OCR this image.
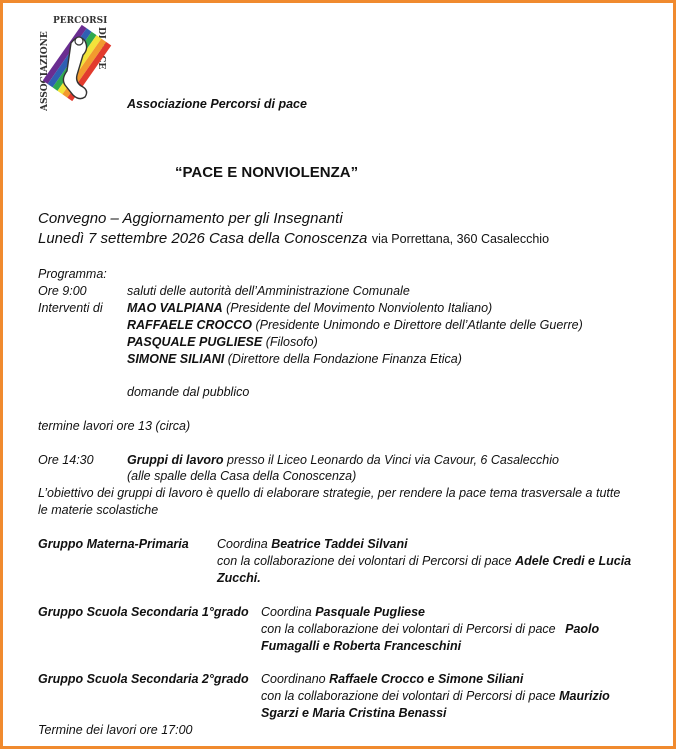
PERCORSI
ASSOCIAZIONE	Associazione Percorsi di pace
“PACE E NONVIOLENZA”
Convegno – Aggiornamento per gli Insegnanti
Lunedì 7 settembre 2026 Casa della Conoscenza via Porrettana, 360 Casalecchio
Programma:
Ore 9:00	saluti delle autorità dell’Amministrazione Comunale
Interventi di MAO VALPIANA (Presidente del Movimento Nonviolento Italiano)
RAFFAELE CROCCO (Presidente Unimondo e Direttore dell’Atlante delle Guerre)
PASQUALE PUGLIESE (Filosofo)
SIMONE SILIANI (Direttore della Fondazione Finanza Etica)
domande dal pubblico
termine lavori ore 13 (circa)
Ore 14:30	Gruppi di lavoro presso il Liceo Leonardo da Vinci via Cavour, 6 Casalecchio
(alle spalle della Casa della Conoscenza)
L’obiettivo dei gruppi di lavoro è quello di elaborare strategie, per rendere la pace tema trasversale a tutte
le materie scolastiche
Gruppo Materna-Primaria Coordina Beatrice Taddei Silvani
con la collaborazione dei volontari di Percorsi di pace Adele Credi e Lucia
Zucchi.
Gruppo Scuola Secondaria 1°grado Coordina Pasquale Pugliese
con la collaborazione dei volontari di Percorsi di pace Paolo
Fumagalli e Roberta Franceschini
Gruppo Scuola Secondaria 2°grado Coordinano Raffaele Crocco e Simone Siliani
con la collaborazione dei volontari di Percorsi di pace Maurizio
Sgarzi e Maria Cristina Benassi
Termine dei lavori ore 17:00
